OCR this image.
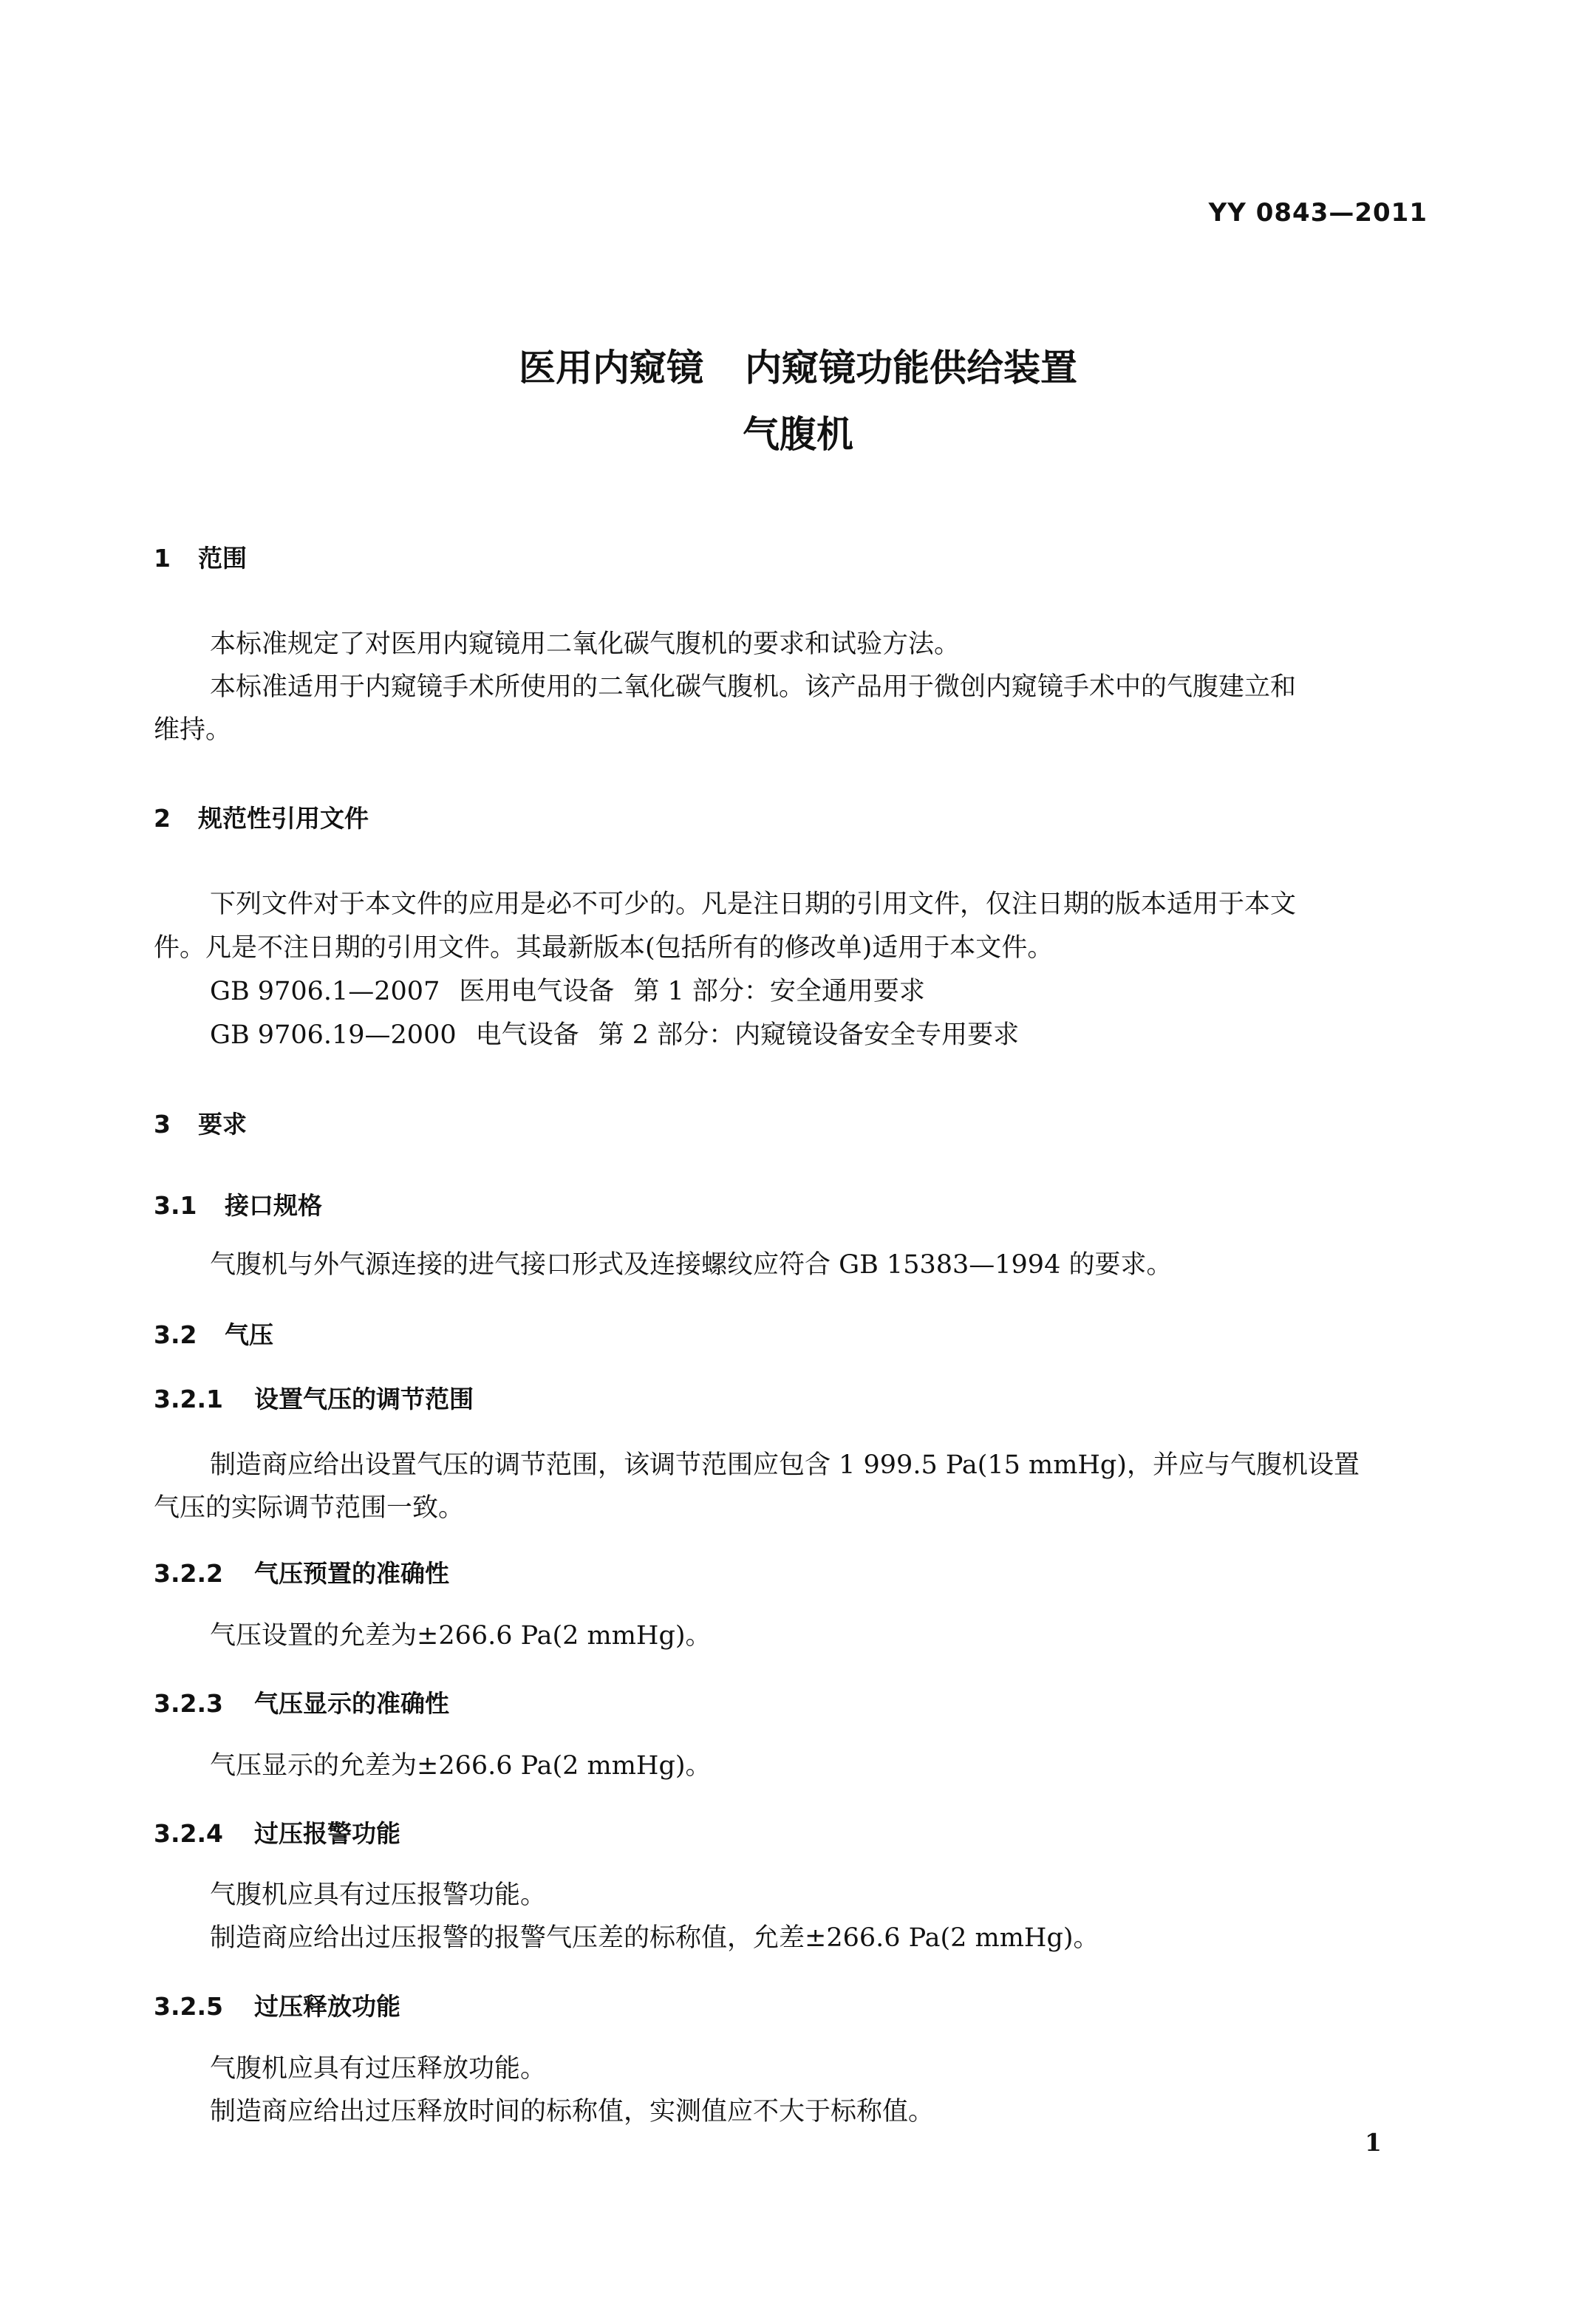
YY 0843—2011
医用内窥镜 内窥镜功能供给装置
气腹机
1 范围
本标准规定了对医用内窥镜用二氧化碳气腹机的要求和试验方法。
本标准适用于内窥镜手术所使用的二氧化碳气腹机。该产品用于微创内窥镜手术中的气腹建立和
维持。
2 规范性引用文件
下列文件对于本文件的应用是必不可少的。凡是注日期的引用文件，仅注日期的版本适用于本文
件。凡是不注日期的引用文件。其最新版本(包括所有的修改单)适用于本文件。
GB 9706.1—2007 医用电气设备 第 1 部分：安全通用要求
GB 9706.19—2000 电气设备 第 2 部分：内窥镜设备安全专用要求
3 要求
3.1 接口规格
气腹机与外气源连接的进气接口形式及连接螺纹应符合 GB 15383—1994 的要求。
3.2 气压
3.2.1 设置气压的调节范围
制造商应给出设置气压的调节范围，该调节范围应包含 1 999.5 Pa(15 mmHg)，并应与气腹机设置
气压的实际调节范围一致。
3.2.2 气压预置的准确性
气压设置的允差为±266.6 Pa(2 mmHg)。
3.2.3 气压显示的准确性
气压显示的允差为±266.6 Pa(2 mmHg)。
3.2.4 过压报警功能
气腹机应具有过压报警功能。
制造商应给出过压报警的报警气压差的标称值，允差±266.6 Pa(2 mmHg)。
3.2.5 过压释放功能
气腹机应具有过压释放功能。
制造商应给出过压释放时间的标称值，实测值应不大于标称值。
1
